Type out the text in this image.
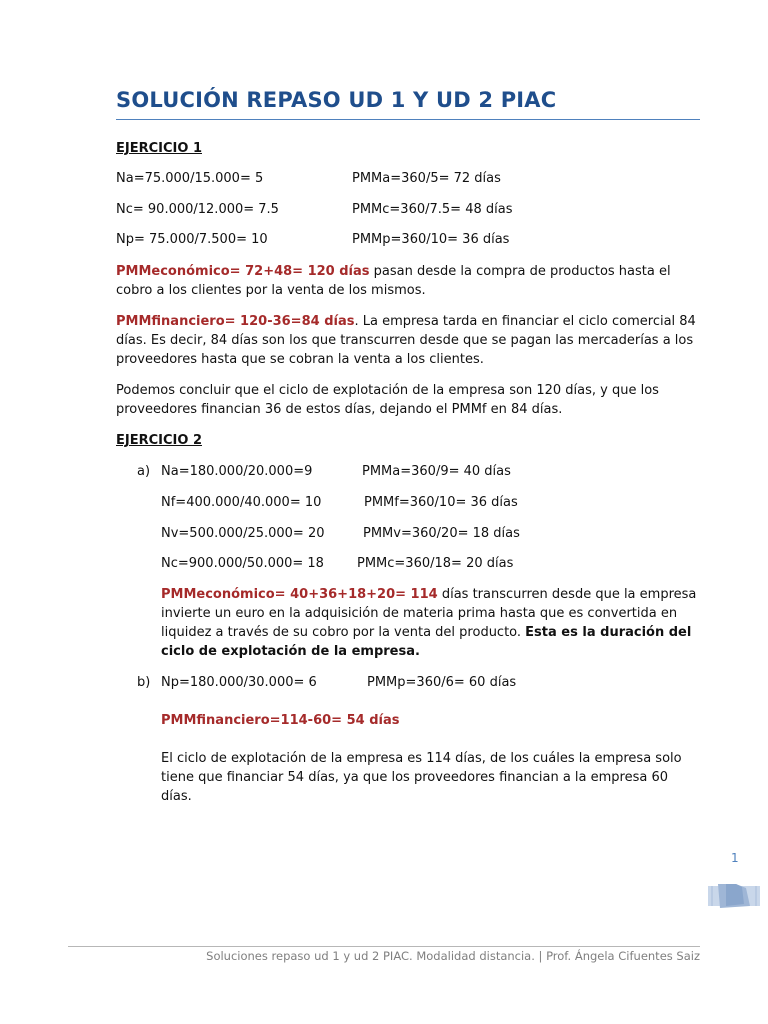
SOLUCIÓN REPASO UD 1 Y UD 2 PIAC
EJERCICIO 1
Na=75.000/15.000= 5	PMMa=360/5= 72 días
Nc= 90.000/12.000= 7.5	PMMc=360/7.5= 48 días
Np= 75.000/7.500= 10	PMMp=360/10= 36 días
PMMeconómico= 72+48= 120 días pasan desde la compra de productos hasta el cobro a los clientes por la venta de los mismos.
PMMfinanciero= 120-36=84 días. La empresa tarda en financiar el ciclo comercial 84 días. Es decir, 84 días son los que transcurren desde que se pagan las mercaderías a los proveedores hasta que se cobran la venta a los clientes.
Podemos concluir que el ciclo de explotación de la empresa son 120 días, y que los proveedores financian 36 de estos días, dejando el PMMf en 84 días.
EJERCICIO 2
a) Na=180.000/20.000=9	PMMa=360/9= 40 días
Nf=400.000/40.000= 10	PMMf=360/10= 36 días
Nv=500.000/25.000= 20	PMMv=360/20= 18 días
Nc=900.000/50.000= 18	PMMc=360/18= 20 días
PMMeconómico= 40+36+18+20= 114 días transcurren desde que la empresa invierte un euro en la adquisición de materia prima hasta que es convertida en liquidez a través de su cobro por la venta del producto. Esta es la duración del ciclo de explotación de la empresa.
b) Np=180.000/30.000= 6	PMMp=360/6= 60 días
PMMfinanciero=114-60= 54 días
El ciclo de explotación de la empresa es 114 días, de los cuáles la empresa solo tiene que financiar 54 días, ya que los proveedores financian a la empresa 60 días.
1
Soluciones repaso ud 1 y ud 2 PIAC. Modalidad distancia. | Prof. Ángela Cifuentes Saiz
